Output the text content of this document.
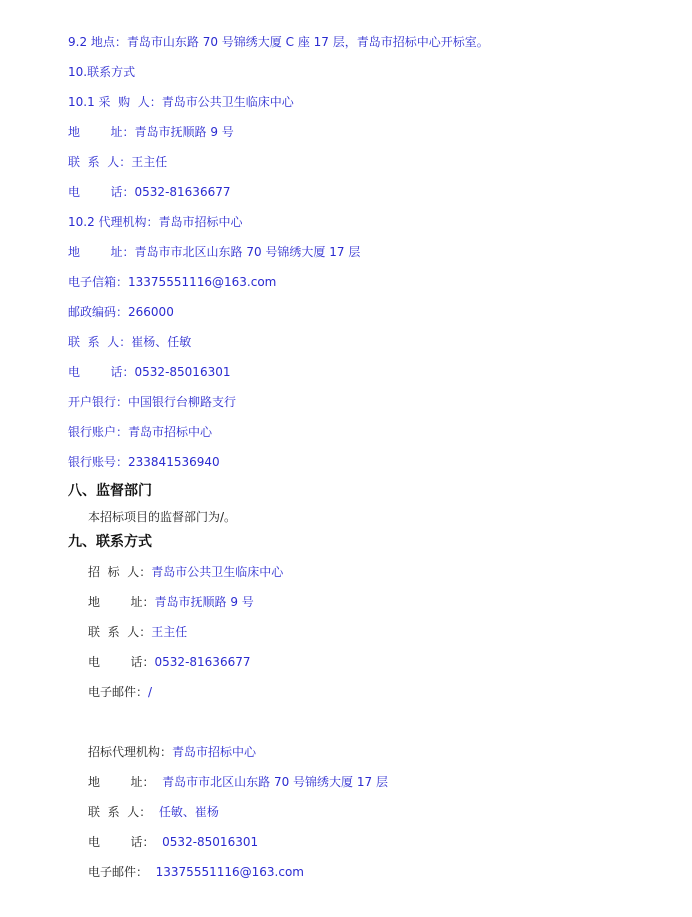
9.2 地点：青岛市山东路 70 号锦绣大厦 C 座 17 层，青岛市招标中心开标室。
10.联系方式
10.1 采  购  人：青岛市公共卫生临床中心
地        址：青岛市抚顺路 9 号
联  系  人：王主任
电        话：0532-81636677
10.2 代理机构：青岛市招标中心
地        址：青岛市市北区山东路 70 号锦绣大厦 17 层
电子信箱：13375551116@163.com
邮政编码：266000
联  系  人：崔杨、任敏
电        话：0532-85016301
开户银行：中国银行台柳路支行
银行账户：青岛市招标中心
银行账号：233841536940
八、监督部门
本招标项目的监督部门为/。
九、联系方式
招  标  人：青岛市公共卫生临床中心
地        址：青岛市抚顺路 9 号
联  系  人：王主任
电        话：0532-81636677
电子邮件：/
招标代理机构：青岛市招标中心
地        址：  青岛市市北区山东路 70 号锦绣大厦 17 层
联  系  人：  任敏、崔杨
电        话：  0532-85016301
电子邮件：  13375551116@163.com
